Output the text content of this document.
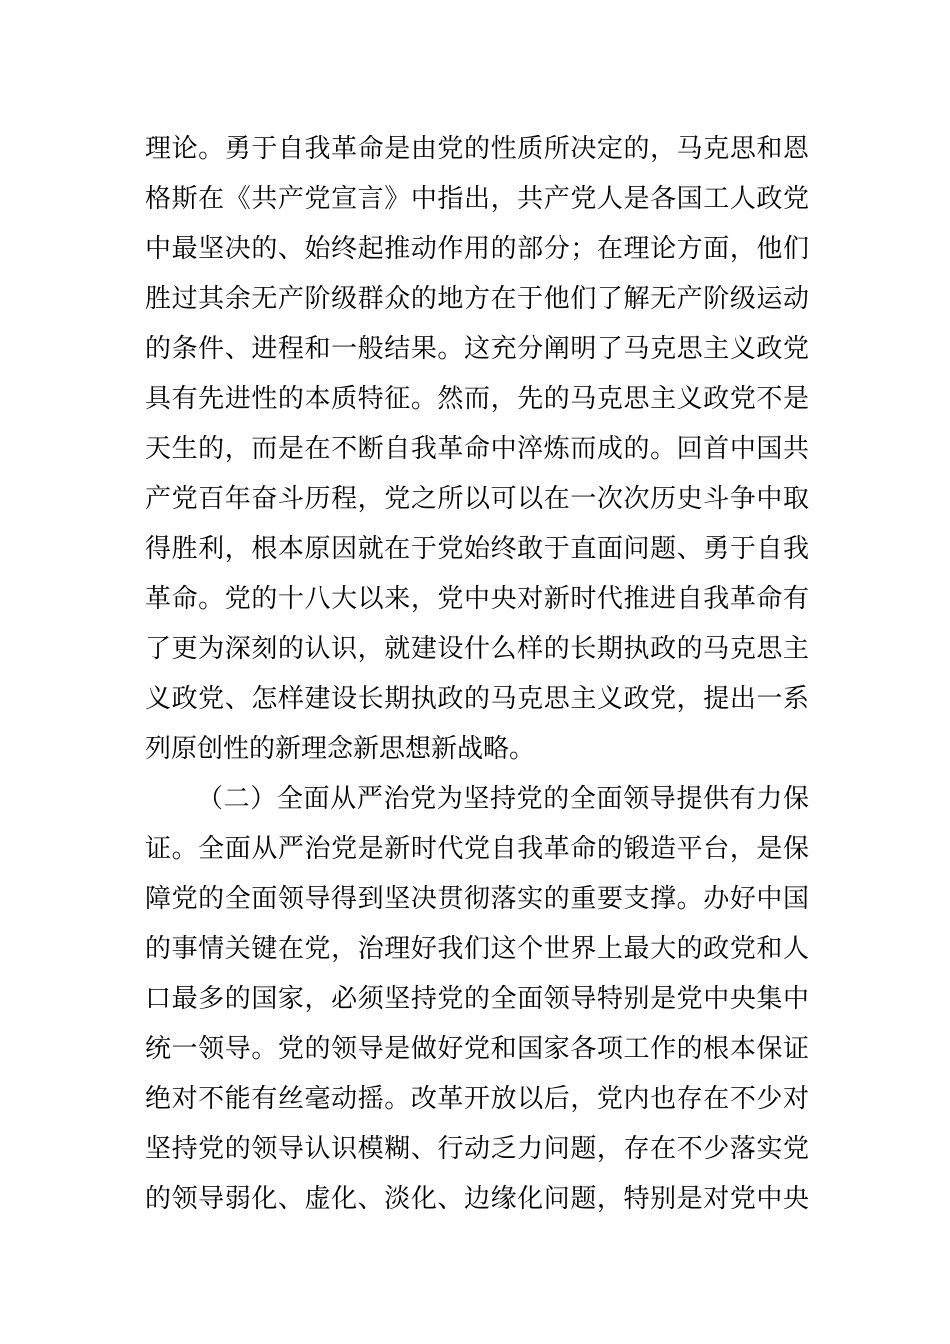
理论。勇于自我革命是由党的性质所决定的，马克思和恩
格斯在《共产党宣言》中指出，共产党人是各国工人政党
中最坚决的、始终起推动作用的部分；在理论方面，他们
胜过其余无产阶级群众的地方在于他们了解无产阶级运动
的条件、进程和一般结果。这充分阐明了马克思主义政党
具有先进性的本质特征。然而，先的马克思主义政党不是
天生的，而是在不断自我革命中淬炼而成的。回首中国共
产党百年奋斗历程，党之所以可以在一次次历史斗争中取
得胜利，根本原因就在于党始终敢于直面问题、勇于自我
革命。党的十八大以来，党中央对新时代推进自我革命有
了更为深刻的认识，就建设什么样的长期执政的马克思主
义政党、怎样建设长期执政的马克思主义政党，提出一系
列原创性的新理念新思想新战略。
（二）全面从严治党为坚持党的全面领导提供有力保
证。全面从严治党是新时代党自我革命的锻造平台，是保
障党的全面领导得到坚决贯彻落实的重要支撑。办好中国
的事情关键在党，治理好我们这个世界上最大的政党和人
口最多的国家，必须坚持党的全面领导特别是党中央集中
统一领导。党的领导是做好党和国家各项工作的根本保证
绝对不能有丝毫动摇。改革开放以后，党内也存在不少对
坚持党的领导认识模糊、行动乏力问题，存在不少落实党
的领导弱化、虚化、淡化、边缘化问题，特别是对党中央
